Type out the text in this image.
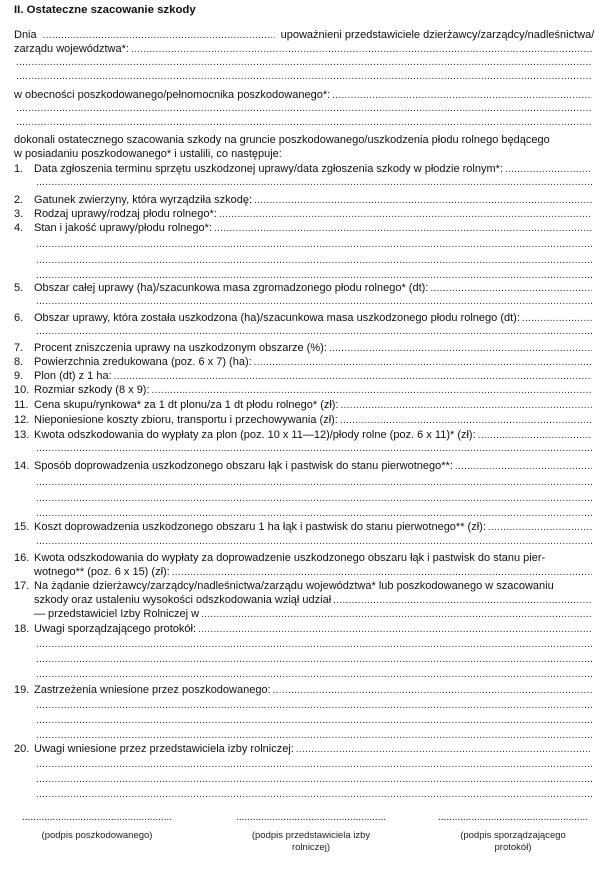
II. Ostateczne szacowanie szkody
Dnia
.....	upoważnieni przedstawiciele dzierżawcy/zarządcy/nadleśnictwa/
zarządu województwa*:
.....
.....
.....
w obecności poszkodowanego/pełnomocnika poszkodowanego*:
.....
.....
.....
dokonali ostatecznego szacowania szkody na gruncie poszkodowanego/uszkodzenia płodu rolnego będącego
w posiadaniu poszkodowanego* i ustalili, co następuje:
1. Data zgłoszenia terminu sprzętu uszkodzonej uprawy/data zgłoszenia szkody w płodzie rolnym*:
.....
.....
2. Gatunek zwierzyny, która wyrządziła szkodę:
.....
3. Rodzaj uprawy/rodzaj płodu rolnego*:
.....
4. Stan i jakość uprawy/płodu rolnego*:
.....
.....
.....
.....
5. Obszar całej uprawy (ha)/szacunkowa masa zgromadzonego płodu rolnego* (dt):
.....
.....
6. Obszar uprawy, która została uszkodzona (ha)/szacunkowa masa uszkodzonego płodu rolnego (dt):
.....
.....
7. Procent zniszczenia uprawy na uszkodzonym obszarze (%):
.....
8. Powierzchnia zredukowana (poz. 6 x 7) (ha):
.....
9. Plon (dt) z 1 ha:
.....
10. Rozmiar szkody (8 x 9):
.....
11. Cena skupu/rynkowa* za 1 dt plonu/za 1 dt płodu rolnego* (zł):
.....
12. Nieponiesione koszty zbioru, transportu i przechowywania (zł):
.....
13. Kwota odszkodowania do wypłaty za plon (poz. 10 x 11—12)/płody rolne (poz. 6 x 11)* (zł):
.....
.....
14. Sposób doprowadzenia uszkodzonego obszaru łąk i pastwisk do stanu pierwotnego**:
.....
.....
.....
.....
15. Koszt doprowadzenia uszkodzonego obszaru 1 ha łąk i pastwisk do stanu pierwotnego** (zł):
.....
.....
16. Kwota odszkodowania do wypłaty za doprowadzenie uszkodzonego obszaru łąk i pastwisk do stanu pier-
wotnego** (poz. 6 x 15) (zł):
.....
17. Na żądanie dzierżawcy/zarządcy/nadleśnictwa/zarządu województwa* lub poszkodowanego w szacowaniu
szkody oraz ustaleniu wysokości odszkodowania wziął udział
.....
— przedstawiciel Izby Rolniczej w
.....
18. Uwagi sporządzającego protokół:
.....
.....
.....
.....
19. Zastrzeżenia wniesione przez poszkodowanego:
.....
.....
.....
.....
20. Uwagi wniesione przez przedstawiciela izby rolniczej:
.....
.....
.....
.....
.....
(podpis poszkodowanego)
.....	(podpis przedstawiciela izby
rolniczej)
.....
(podpis sporządzającego
protokół)
